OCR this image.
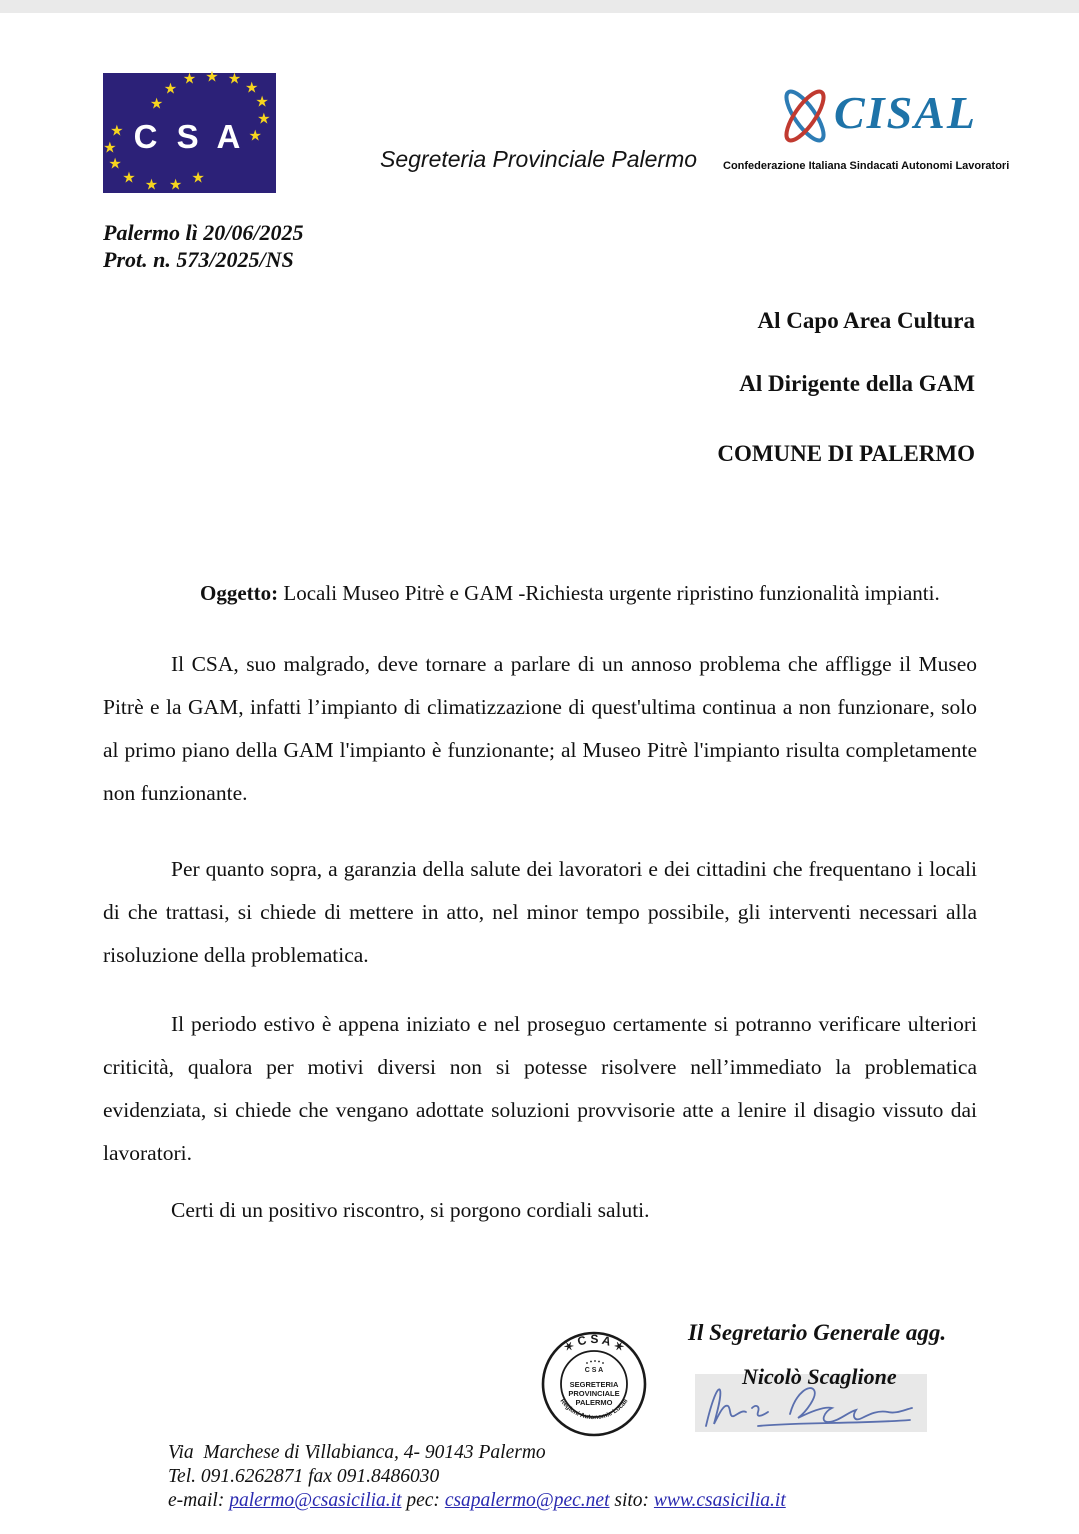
★
★
★ ★ ★
★
★
★
★
★
★
★
★ ★ ★ ★
C S A
Segreteria Provinciale Palermo
CISAL
Confederazione Italiana Sindacati Autonomi Lavoratori
Palermo lì 20/06/2025
Prot. n. 573/2025/NS
Al Capo Area Cultura
Al Dirigente della GAM
COMUNE DI PALERMO
Oggetto: Locali Museo Pitrè e GAM -Richiesta urgente ripristino funzionalità impianti.

Il CSA, suo malgrado, deve tornare a parlare di un annoso problema che affligge il Museo Pitrè e la GAM, infatti l’impianto di climatizzazione di quest'ultima continua a non funzionare, solo al primo piano della GAM l'impianto è funzionante; al Museo Pitrè l'impianto risulta completamente non funzionante.

Per quanto sopra, a garanzia della salute dei lavoratori e dei cittadini che frequentano i locali di che trattasi, si chiede di mettere in atto, nel minor tempo possibile, gli interventi necessari alla risoluzione della problematica.

Il periodo estivo è appena iniziato e nel proseguo certamente si potranno verificare ulteriori criticità, qualora per motivi diversi non si potesse risolvere nell’immediato la problematica evidenziata, si chiede che vengano adottate soluzioni provvisorie atte a lenire il disagio vissuto dai lavoratori.

Certi di un positivo riscontro, si porgono cordiali saluti.

Il Segretario Generale agg.
✶ C S A ✶
Regioni Autonomie Locali
C S A
SEGRETERIA
PROVINCIALE
PALERMO
Nicolò Scaglione
Via  Marchese di Villabianca, 4- 90143 Palermo
Tel. 091.6262871 fax 091.8486030
e-mail: palermo@csasicilia.it pec: csapalermo@pec.net sito: www.csasicilia.it
